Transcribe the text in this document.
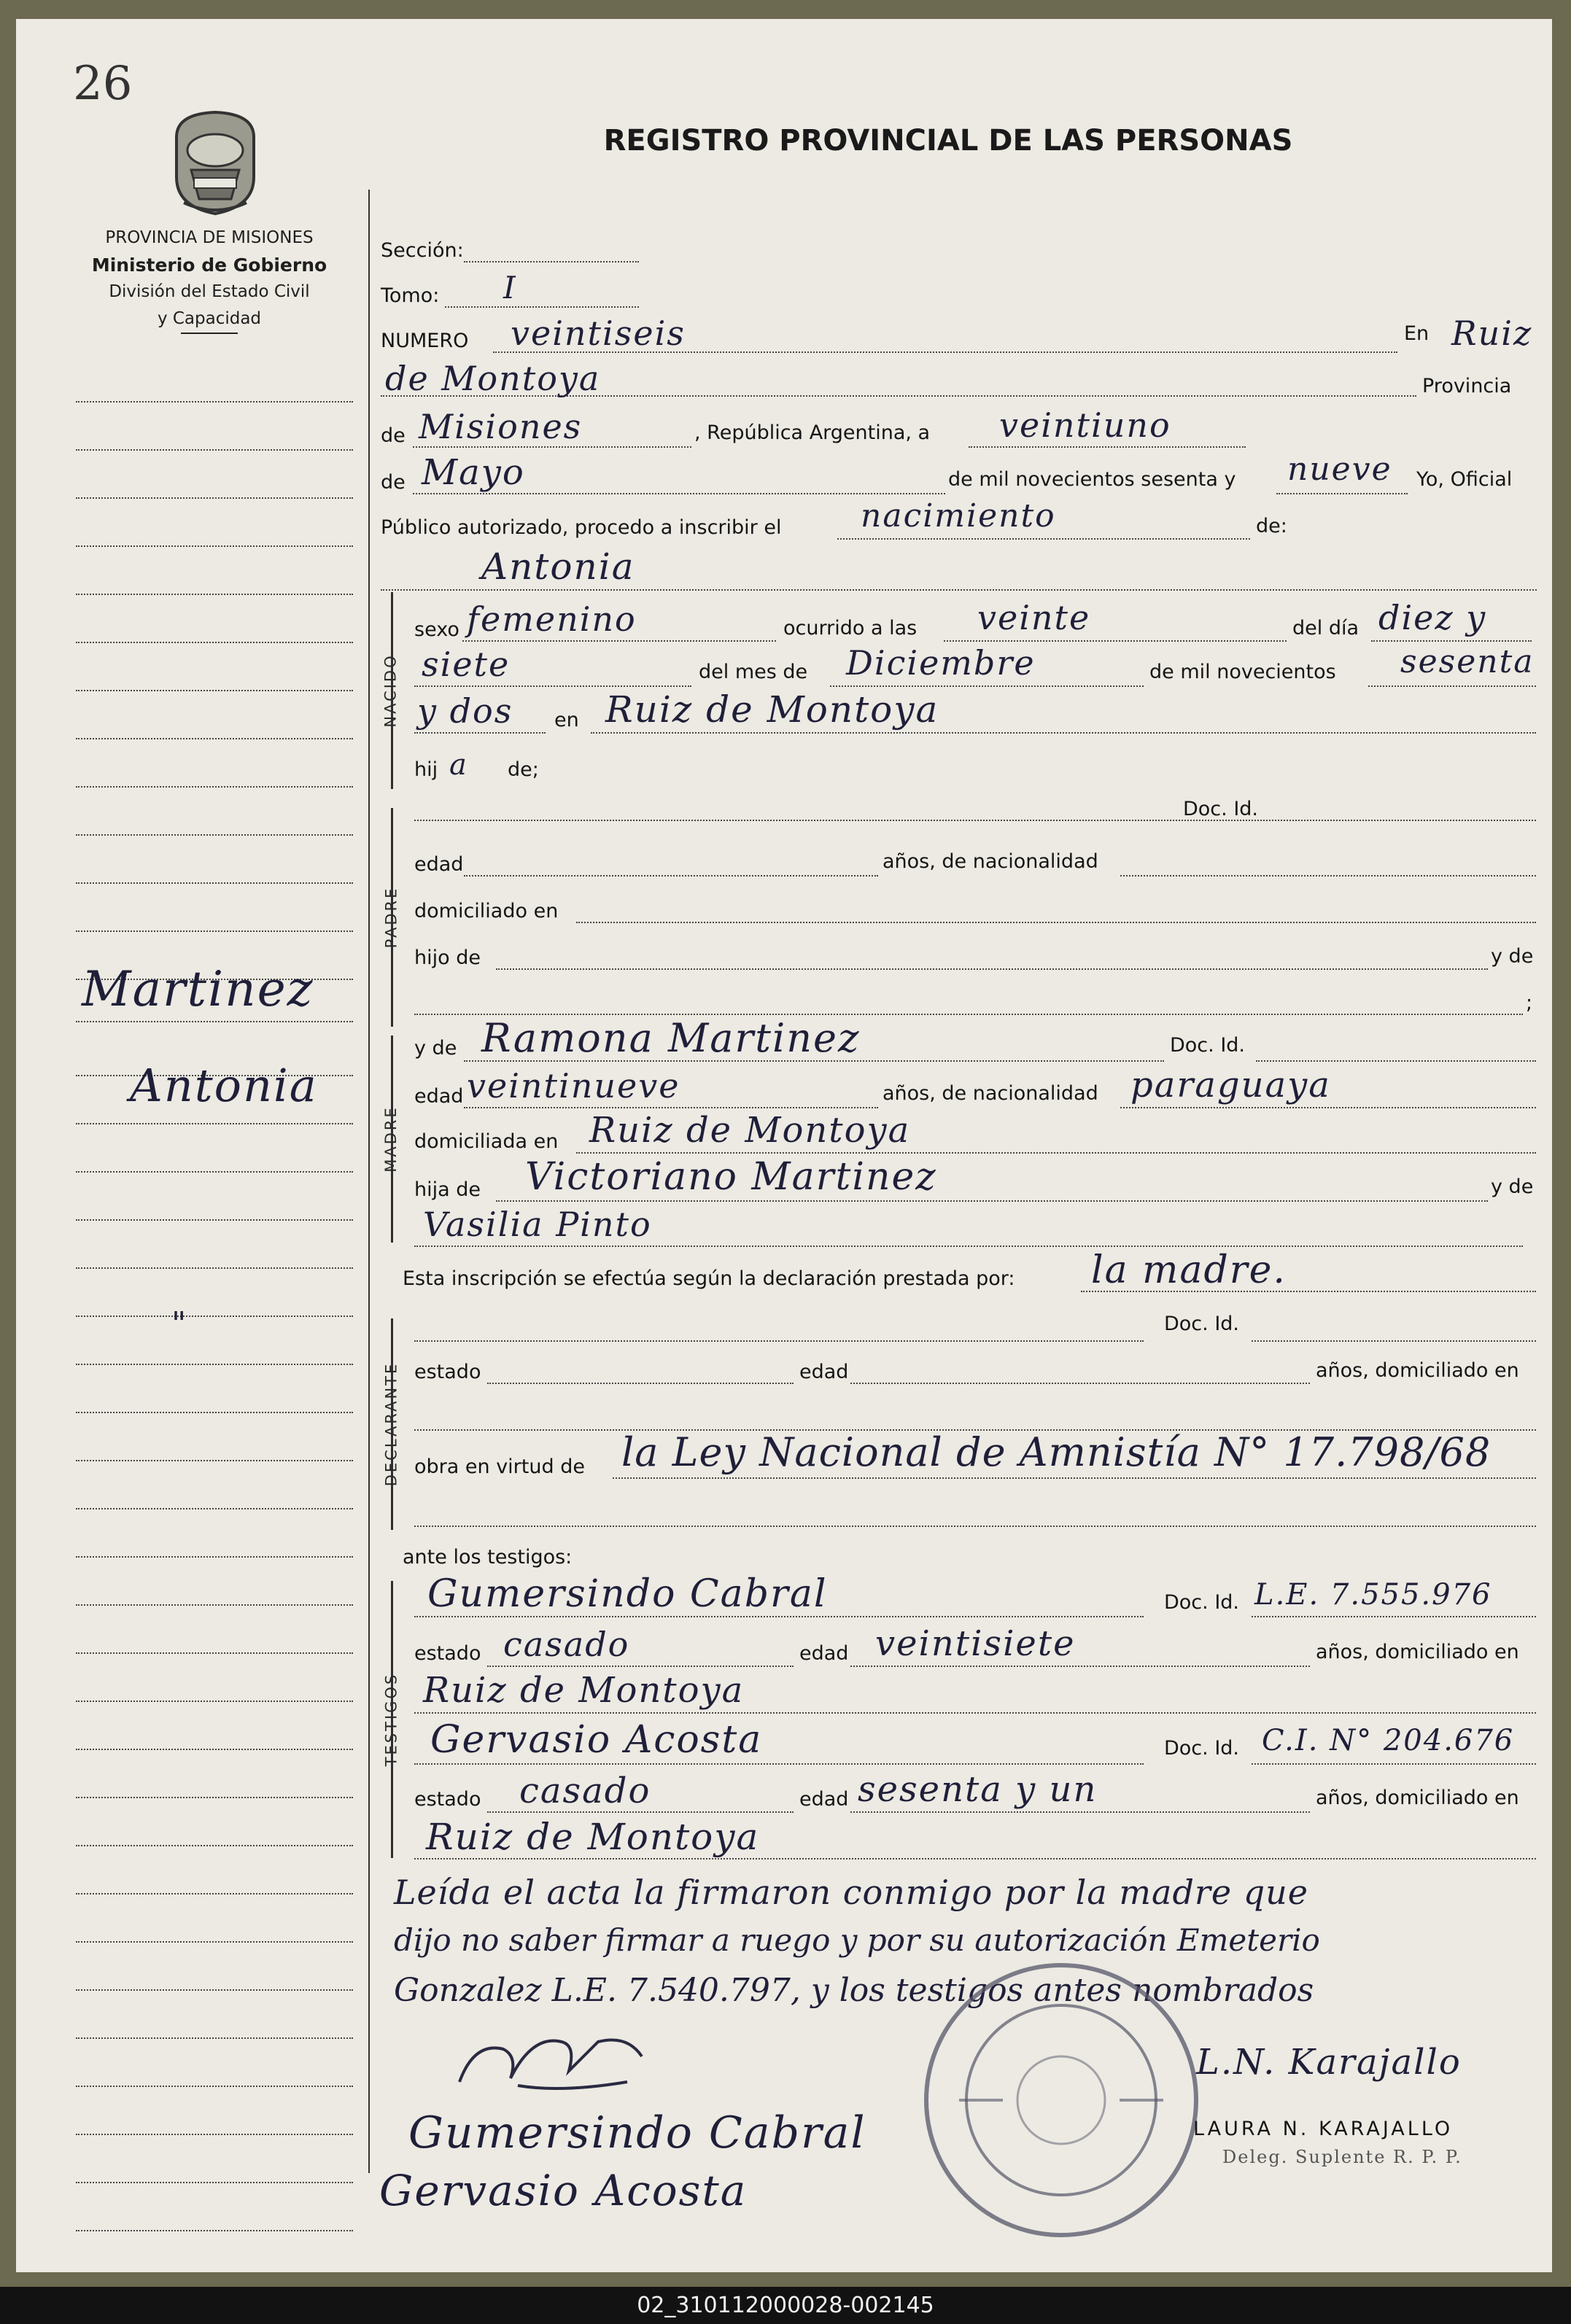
26
PROVINCIA DE MISIONES
Ministerio de Gobierno
División del Estado Civil
y Capacidad
REGISTRO PROVINCIAL DE LAS PERSONAS
Martinez
Antonia
"
Sección:
Tomo: I
NUMERO veintiseis	En Ruiz
de Montoya	Provincia
de Misiones	, República Argentina, a veintiuno
de Mayo	de mil novecientos sesenta y nueve Yo, Oficial
Público autorizado, procedo a inscribir el nacimiento	de:
Antonia
NACIDO
sexo femenino	ocurrido a las veinte	del día diez y
siete	del mes de Diciembre	de mil novecientos sesenta
y dos en Ruiz de Montoya
hij a de;
PADRE
Doc. Id.
edad	años, de nacionalidad
domiciliado en
hijo de	y de
;
MADRE
y de Ramona Martinez	Doc. Id.
edad veintinueve	años, de nacionalidad paraguaya
domiciliada en Ruiz de Montoya
hija de Victoriano Martinez	y de
Vasilia Pinto
Esta inscripción se efectúa según la declaración prestada por: la madre.
DECLARANTE
Doc. Id.
estado	edad	años, domiciliado en
obra en virtud de la Ley Nacional de Amnistía N° 17.798/68
ante los testigos:
TESTIGOS
Gumersindo Cabral	Doc. Id. L.E. 7.555.976
estado casado	edad veintisiete	años, domiciliado en
Ruiz de Montoya
Gervasio Acosta	Doc. Id. C.I. N° 204.676
estado casado	edad sesenta y un	años, domiciliado en
Ruiz de Montoya
Leída el acta la firmaron conmigo por la madre que
dijo no saber firmar a ruego y por su autorización Emeterio
Gonzalez L.E. 7.540.797, y los testigos antes nombrados
Gumersindo Cabral
Gervasio Acosta
L.N. Karajallo
LAURA N. KARAJALLO
Deleg. Suplente R. P. P.
02_310112000028-002145
